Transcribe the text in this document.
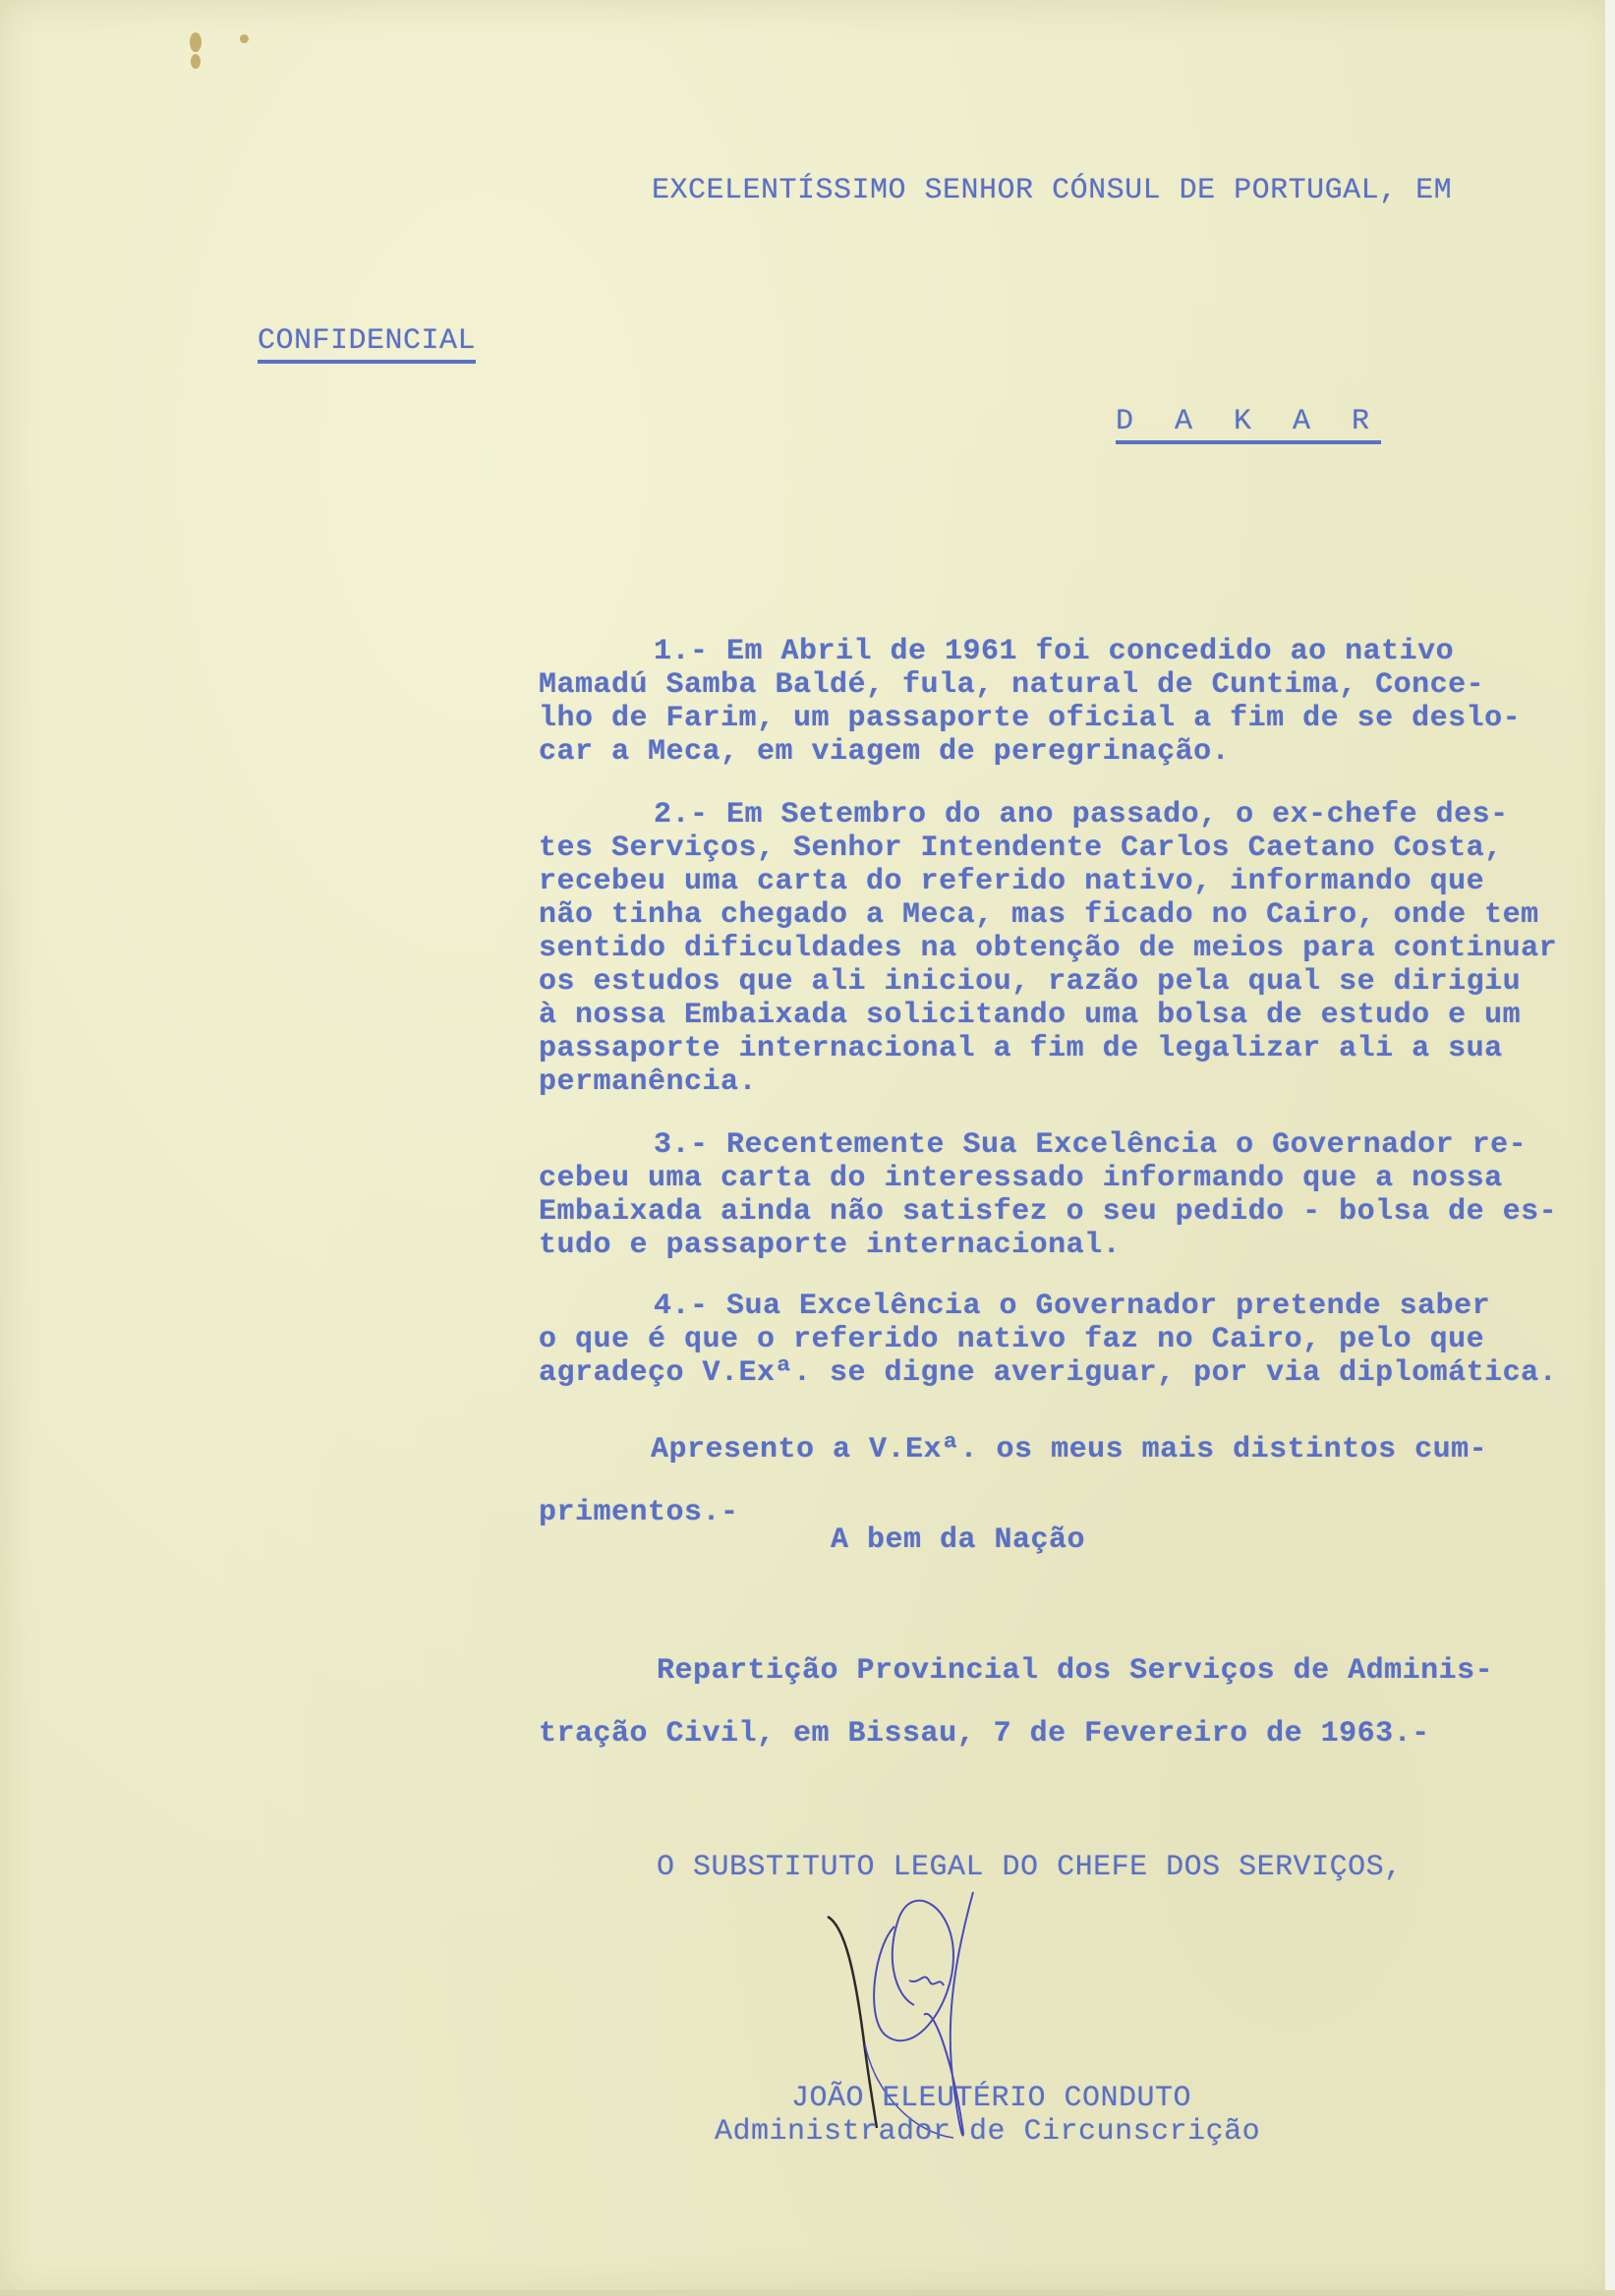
EXCELENTÍSSIMO SENHOR CÓNSUL DE PORTUGAL, EM
CONFIDENCIAL
D A K A R
1.- Em Abril de 1961 foi concedido ao nativo
Mamadú Samba Baldé, fula, natural de Cuntima, Conce-
lho de Farim, um passaporte oficial a fim de se deslo-
car a Meca, em viagem de peregrinação.
2.- Em Setembro do ano passado, o ex-chefe des-
tes Serviços, Senhor Intendente Carlos Caetano Costa,
recebeu uma carta do referido nativo, informando que
não tinha chegado a Meca, mas ficado no Cairo, onde tem
sentido dificuldades na obtenção de meios para continuar
os estudos que ali iniciou, razão pela qual se dirigiu
à nossa Embaixada solicitando uma bolsa de estudo e um
passaporte internacional a fim de legalizar ali a sua
permanência.
3.- Recentemente Sua Excelência o Governador re-
cebeu uma carta do interessado informando que a nossa
Embaixada ainda não satisfez o seu pedido - bolsa de es-
tudo e passaporte internacional.
4.- Sua Excelência o Governador pretende saber
o que é que o referido nativo faz no Cairo, pelo que
agradeço V.Exª. se digne averiguar, por via diplomática.
Apresento a V.Exª. os meus mais distintos cum-
primentos.-
A bem da Nação
Repartição Provincial dos Serviços de Adminis-
tração Civil, em Bissau, 7 de Fevereiro de 1963.-
O SUBSTITUTO LEGAL DO CHEFE DOS SERVIÇOS,
JOÃO ELEUTÉRIO CONDUTO
Administrador de Circunscrição
